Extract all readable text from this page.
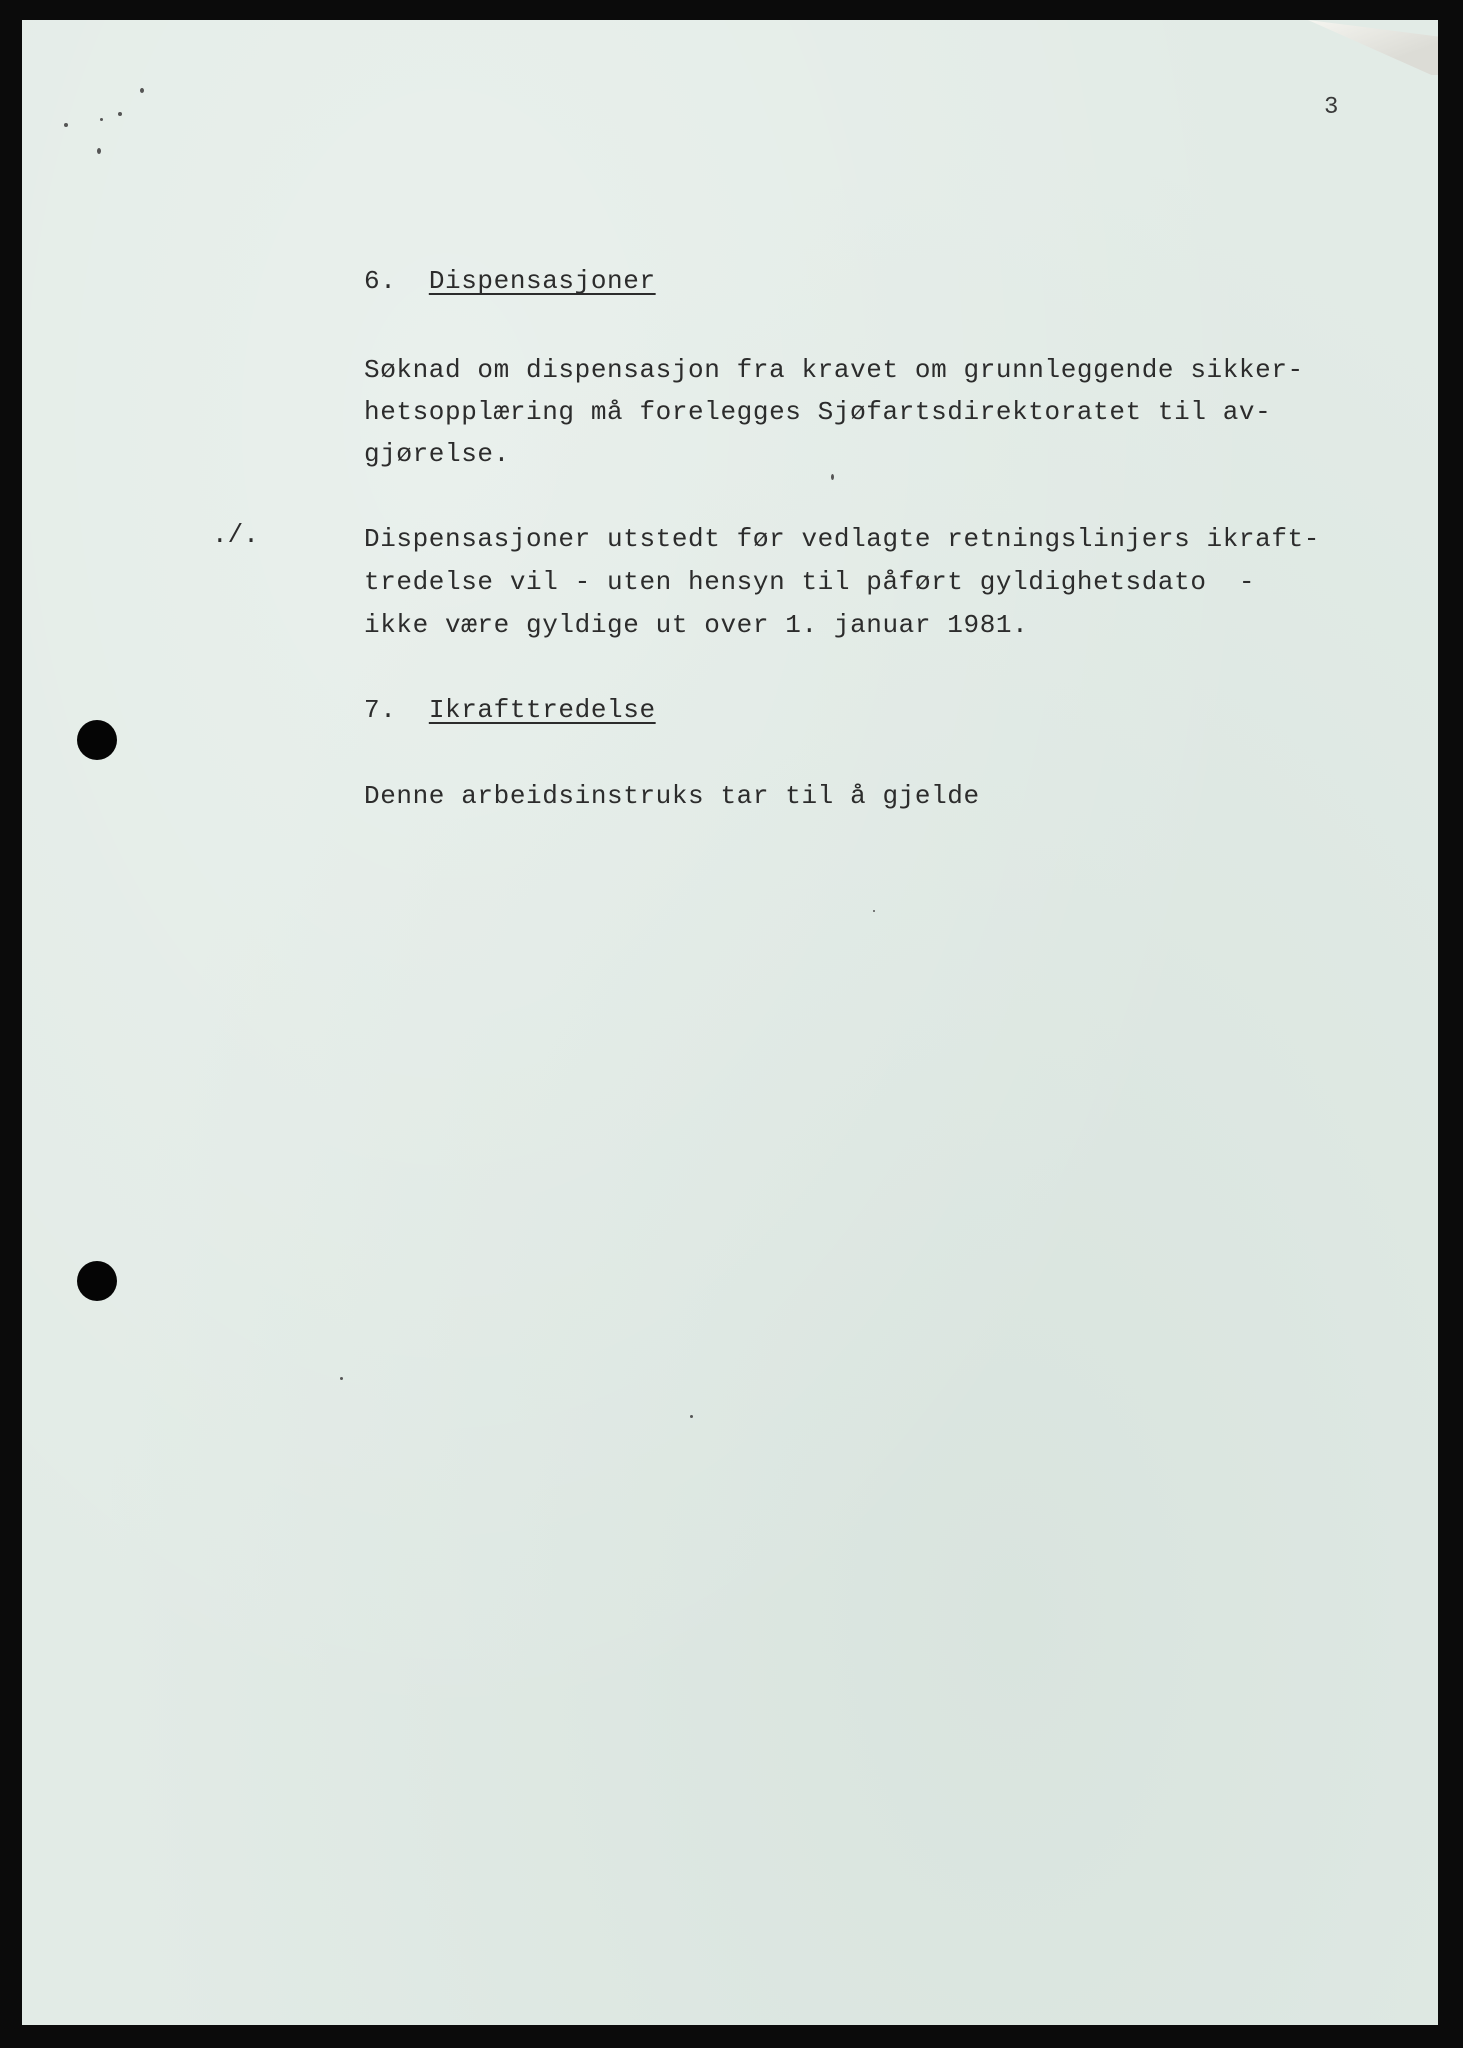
3
6. Dispensasjoner
Søknad om dispensasjon fra kravet om grunnleggende sikker-
hetsopplæring må forelegges Sjøfartsdirektoratet til av-
gjørelse.
./.	Dispensasjoner utstedt før vedlagte retningslinjers ikraft-
tredelse vil - uten hensyn til påført gyldighetsdato  -
ikke være gyldige ut over 1. januar 1981.
7. Ikrafttredelse
Denne arbeidsinstruks tar til å gjelde
